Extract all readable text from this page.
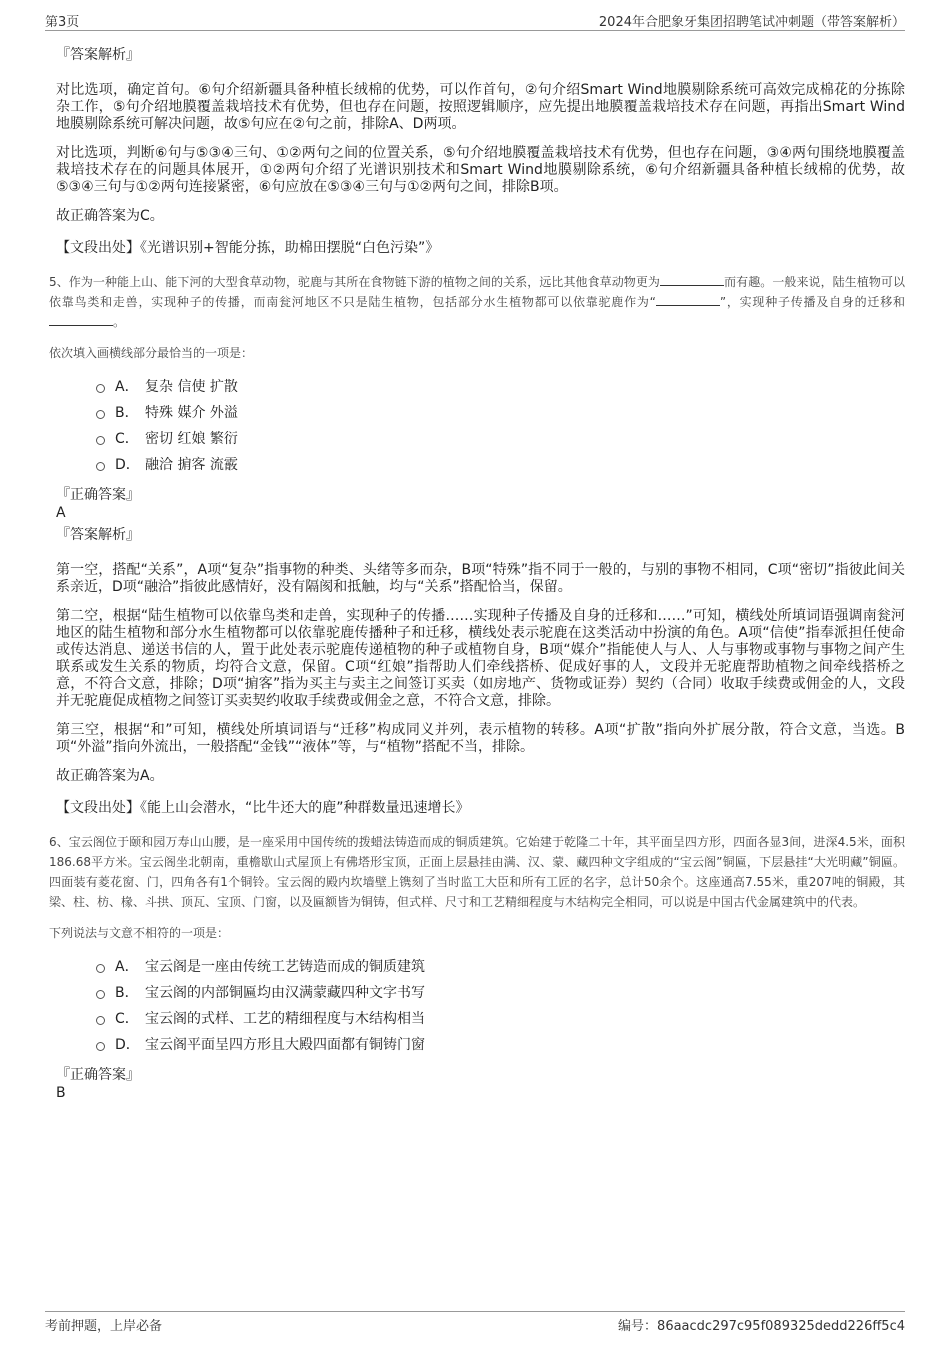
第3页	2024年合肥象牙集团招聘笔试冲刺题（带答案解析）

『答案解析』

对比选项，确定首句。⑥句介绍新疆具备种植长绒棉的优势，可以作首句，②句介绍Smart Wind地膜剔除系统可高效完成棉花的分拣除杂工作，⑤句介绍地膜覆盖栽培技术有优势，但也存在问题，按照逻辑顺序，应先提出地膜覆盖栽培技术存在问题，再指出Smart Wind地膜剔除系统可解决问题，故⑤句应在②句之前，排除A、D两项。

对比选项，判断⑥句与⑤③④三句、①②两句之间的位置关系，⑤句介绍地膜覆盖栽培技术有优势，但也存在问题，③④两句围绕地膜覆盖栽培技术存在的问题具体展开，①②两句介绍了光谱识别技术和Smart Wind地膜剔除系统，⑥句介绍新疆具备种植长绒棉的优势，故⑤③④三句与①②两句连接紧密，⑥句应放在⑤③④三句与①②两句之间，排除B项。

故正确答案为C。

【文段出处】《光谱识别+智能分拣，助棉田摆脱“白色污染”》

5、作为一种能上山、能下河的大型食草动物，驼鹿与其所在食物链下游的植物之间的关系，远比其他食草动物更为	而有趣。一般来说，陆生植物可以依靠鸟类和走兽，实现种子的传播，而南瓮河地区不只是陆生植物，包括部分水生植物都可以依靠驼鹿作为“	”，实现种子传播及自身的迁移和。

依次填入画横线部分最恰当的一项是：

A． 复杂 信使 扩散
B． 特殊 媒介 外溢
C． 密切 红娘 繁衍
D． 融洽 掮客 流霰

『正确答案』

A

『答案解析』

第一空，搭配“关系”，A项“复杂”指事物的种类、头绪等多而杂，B项“特殊”指不同于一般的，与别的事物不相同，C项“密切”指彼此间关系亲近，D项“融洽”指彼此感情好，没有隔阂和抵触，均与“关系”搭配恰当，保留。

第二空，根据“陆生植物可以依靠鸟类和走兽，实现种子的传播……实现种子传播及自身的迁移和……”可知，横线处所填词语强调南瓮河地区的陆生植物和部分水生植物都可以依靠驼鹿传播种子和迁移，横线处表示驼鹿在这类活动中扮演的角色。A项“信使”指奉派担任使命或传达消息、递送书信的人，置于此处表示驼鹿传递植物的种子或植物自身，B项“媒介”指能使人与人、人与事物或事物与事物之间产生联系或发生关系的物质，均符合文意，保留。C项“红娘”指帮助人们牵线搭桥、促成好事的人，文段并无驼鹿帮助植物之间牵线搭桥之意，不符合文意，排除；D项“掮客”指为买主与卖主之间签订买卖（如房地产、货物或证券）契约（合同）收取手续费或佣金的人，文段并无驼鹿促成植物之间签订买卖契约收取手续费或佣金之意，不符合文意，排除。

第三空，根据“和”可知，横线处所填词语与“迁移”构成同义并列，表示植物的转移。A项“扩散”指向外扩展分散，符合文意，当选。B项“外溢”指向外流出，一般搭配“金钱”“液体”等，与“植物”搭配不当，排除。

故正确答案为A。

【文段出处】《能上山会潜水，“比牛还大的鹿”种群数量迅速增长》

6、宝云阁位于颐和园万寿山山腰，是一座采用中国传统的拨蜡法铸造而成的铜质建筑。它始建于乾隆二十年，其平面呈四方形，四面各显3间，进深4.5米，面积186.68平方米。宝云阁坐北朝南，重檐歇山式屋顶上有佛塔形宝顶，正面上层悬挂由满、汉、蒙、藏四种文字组成的“宝云阁”铜匾，下层悬挂“大光明藏”铜匾。四面装有菱花窗、门，四角各有1个铜铃。宝云阁的殿内坎墙壁上镌刻了当时监工大臣和所有工匠的名字，总计50余个。这座通高7.55米，重207吨的铜殿，其梁、柱、枋、椽、斗拱、顶瓦、宝顶、门窗，以及匾额皆为铜铸，但式样、尺寸和工艺精细程度与木结构完全相同，可以说是中国古代金属建筑中的代表。

下列说法与文意不相符的一项是：

A． 宝云阁是一座由传统工艺铸造而成的铜质建筑
B． 宝云阁的内部铜匾均由汉满蒙藏四种文字书写
C． 宝云阁的式样、工艺的精细程度与木结构相当
D． 宝云阁平面呈四方形且大殿四面都有铜铸门窗

『正确答案』

B

考前押题，上岸必备	编号：86aacdc297c95f089325dedd226ff5c4
